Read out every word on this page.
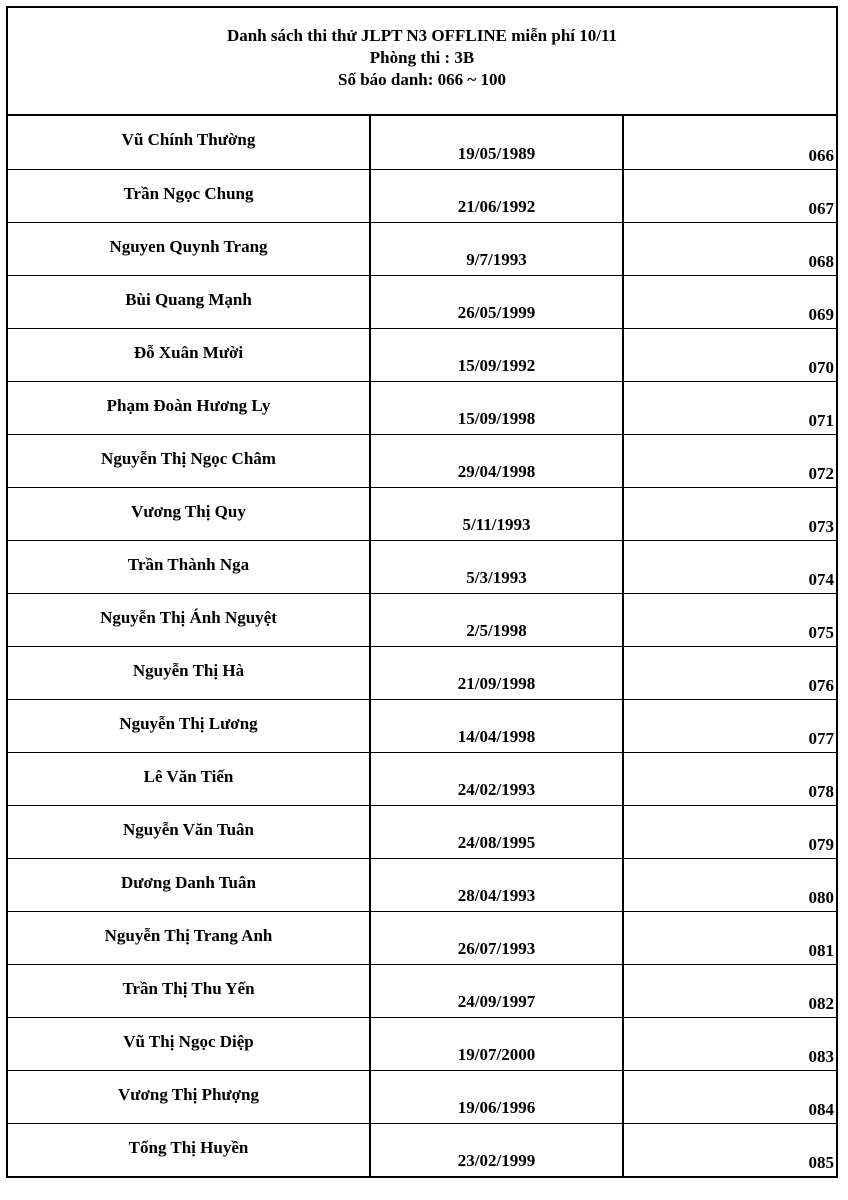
Danh sách thi thử JLPT N3 OFFLINE miễn phí 10/11
Phòng thi : 3B
Số báo danh: 066 ~ 100
Vũ Chính Thường	19/05/1989	066
Trần Ngọc Chung	21/06/1992	067
Nguyen Quynh Trang	9/7/1993	068
Bùi Quang Mạnh	26/05/1999	069
Đỗ Xuân Mười	15/09/1992	070
Phạm Đoàn Hương Ly	15/09/1998	071
Nguyễn Thị Ngọc Châm	29/04/1998	072
Vương Thị Quy	5/11/1993	073
Trần Thành Nga	5/3/1993	074
Nguyễn Thị Ánh Nguyệt	2/5/1998	075
Nguyễn Thị Hà	21/09/1998	076
Nguyễn Thị Lương	14/04/1998	077
Lê Văn Tiến	24/02/1993	078
Nguyễn Văn Tuân	24/08/1995	079
Dương Danh Tuân	28/04/1993	080
Nguyễn Thị Trang Anh	26/07/1993	081
Trần Thị Thu Yến	24/09/1997	082
Vũ Thị Ngọc Diệp	19/07/2000	083
Vương Thị Phượng	19/06/1996	084
Tống Thị Huyền	23/02/1999	085
